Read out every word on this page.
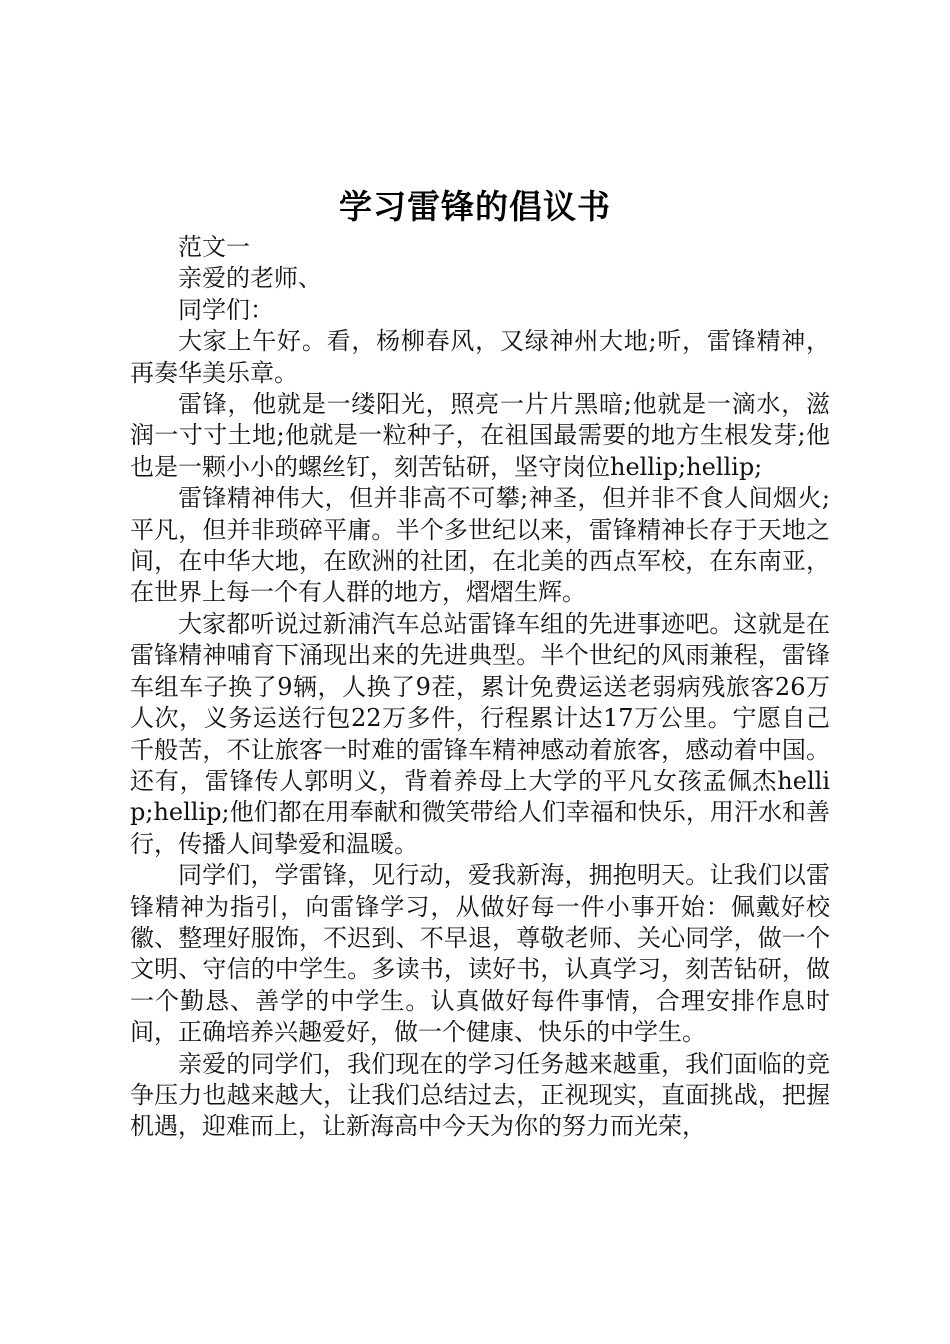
学习雷锋的倡议书

范文一

亲爱的老师、

同学们：

大家上午好。看，杨柳春风，又绿神州大地;听，雷锋精神，再奏华美乐章。

雷锋，他就是一缕阳光，照亮一片片黑暗;他就是一滴水，滋润一寸寸土地;他就是一粒种子，在祖国最需要的地方生根发芽;他也是一颗小小的螺丝钉，刻苦钻研，坚守岗位hellip;hellip;

雷锋精神伟大，但并非高不可攀;神圣，但并非不食人间烟火;平凡，但并非琐碎平庸。半个多世纪以来，雷锋精神长存于天地之间，在中华大地，在欧洲的社团，在北美的西点军校，在东南亚，在世界上每一个有人群的地方，熠熠生辉。

大家都听说过新浦汽车总站雷锋车组的先进事迹吧。这就是在雷锋精神哺育下涌现出来的先进典型。半个世纪的风雨兼程，雷锋车组车子换了9辆，人换了9茬，累计免费运送老弱病残旅客26万人次，义务运送行包22万多件，行程累计达17万公里。宁愿自己千般苦，不让旅客一时难的雷锋车精神感动着旅客，感动着中国。还有，雷锋传人郭明义，背着养母上大学的平凡女孩孟佩杰hellip;hellip;他们都在用奉献和微笑带给人们幸福和快乐，用汗水和善行，传播人间挚爱和温暖。

同学们，学雷锋，见行动，爱我新海，拥抱明天。让我们以雷锋精神为指引，向雷锋学习，从做好每一件小事开始：佩戴好校徽、整理好服饰，不迟到、不早退，尊敬老师、关心同学，做一个文明、守信的中学生。多读书，读好书，认真学习，刻苦钻研，做一个勤恳、善学的中学生。认真做好每件事情，合理安排作息时间，正确培养兴趣爱好，做一个健康、快乐的中学生。

亲爱的同学们，我们现在的学习任务越来越重，我们面临的竞争压力也越来越大，让我们总结过去，正视现实，直面挑战，把握机遇，迎难而上，让新海高中今天为你的努力而光荣，
